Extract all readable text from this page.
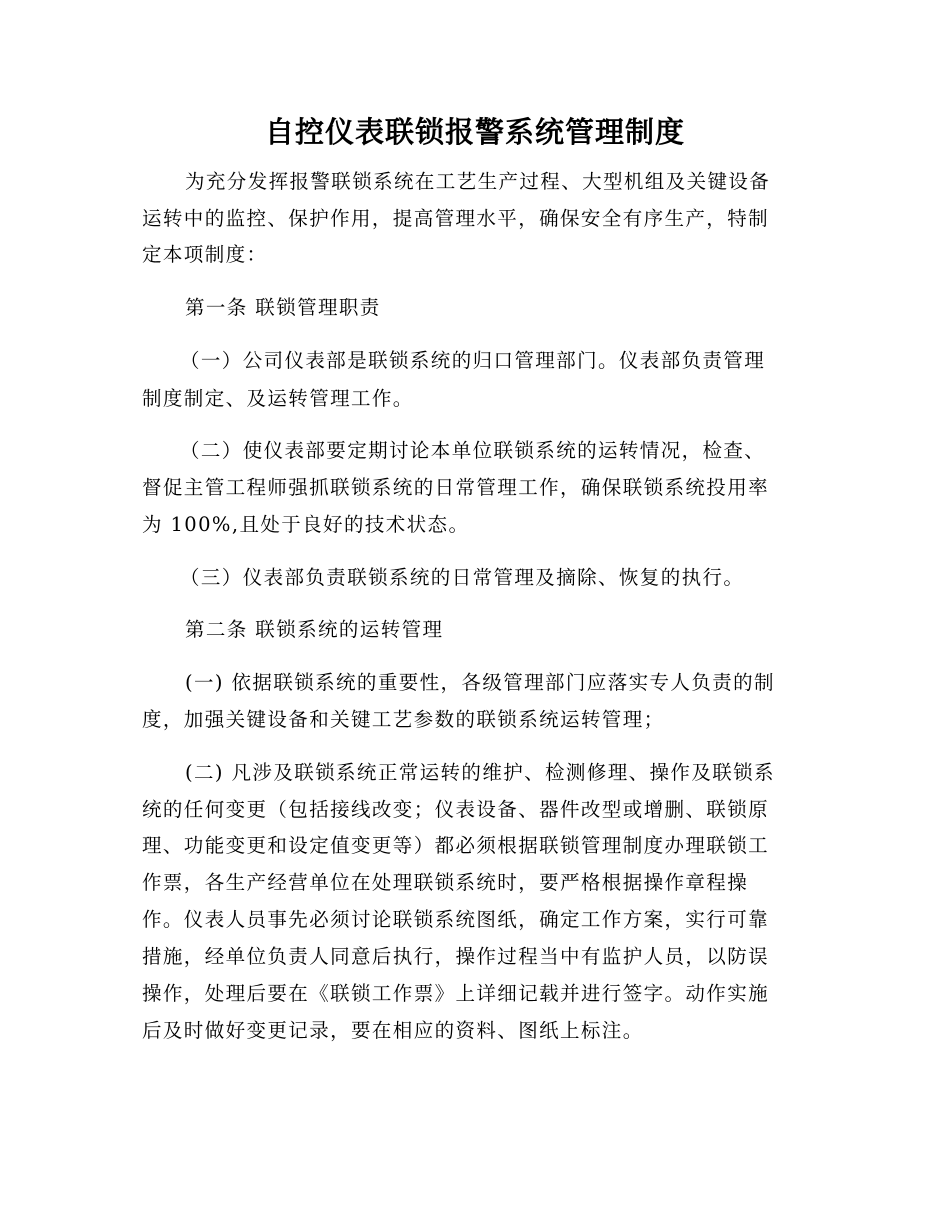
自控仪表联锁报警系统管理制度
为充分发挥报警联锁系统在工艺生产过程、大型机组及关键设备
运转中的监控、保护作用，提高管理水平，确保安全有序生产，特制
定本项制度：
第一条 联锁管理职责
（一）公司仪表部是联锁系统的归口管理部门。仪表部负责管理
制度制定、及运转管理工作。
（二）使仪表部要定期讨论本单位联锁系统的运转情况，检查、
督促主管工程师强抓联锁系统的日常管理工作，确保联锁系统投用率
为 100%,且处于良好的技术状态。
（三）仪表部负责联锁系统的日常管理及摘除、恢复的执行。
第二条 联锁系统的运转管理
(一) 依据联锁系统的重要性，各级管理部门应落实专人负责的制
度，加强关键设备和关键工艺参数的联锁系统运转管理；
(二) 凡涉及联锁系统正常运转的维护、检测修理、操作及联锁系
统的任何变更（包括接线改变；仪表设备、器件改型或增删、联锁原
理、功能变更和设定值变更等）都必须根据联锁管理制度办理联锁工
作票，各生产经营单位在处理联锁系统时，要严格根据操作章程操
作。仪表人员事先必须讨论联锁系统图纸，确定工作方案，实行可靠
措施，经单位负责人同意后执行，操作过程当中有监护人员，以防误
操作，处理后要在《联锁工作票》上详细记载并进行签字。动作实施
后及时做好变更记录，要在相应的资料、图纸上标注。
